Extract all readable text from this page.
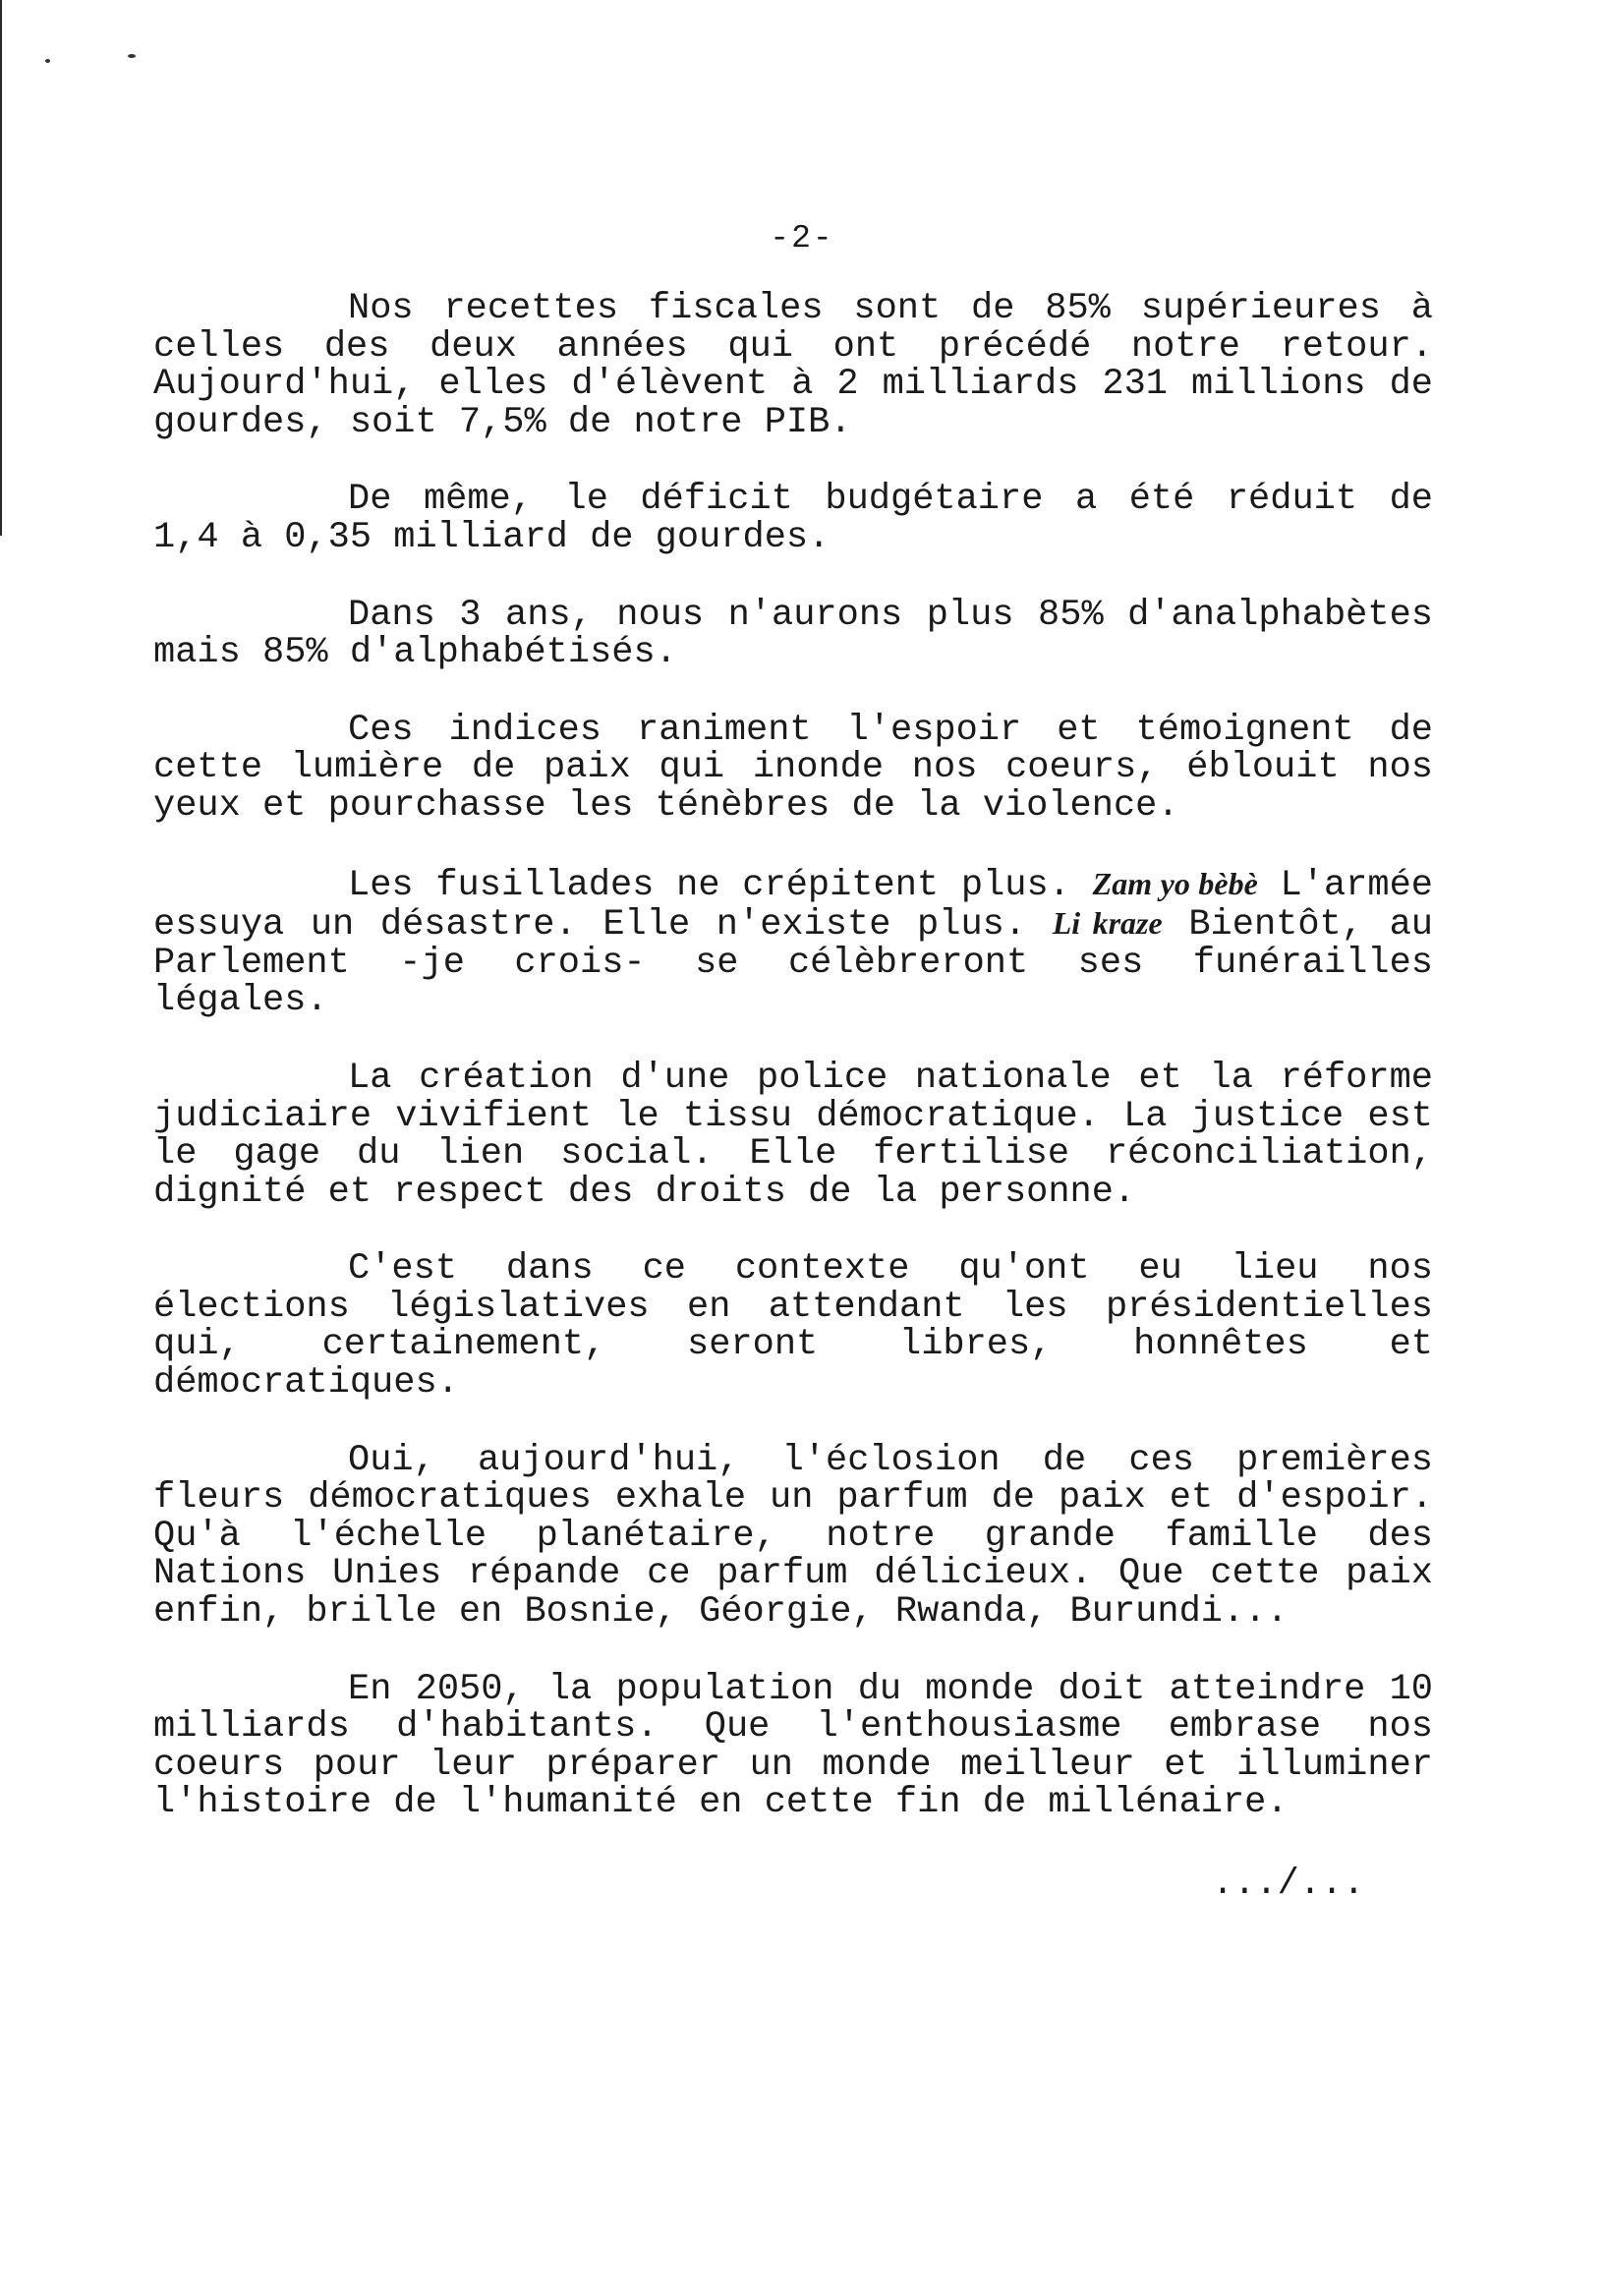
-2-

Nos recettes fiscales sont de 85% supérieures à celles des deux années qui ont précédé notre retour. Aujourd'hui, elles d'élèvent à 2 milliards 231 millions de gourdes, soit 7,5% de notre PIB.

De même, le déficit budgétaire a été réduit de 1,4 à 0,35 milliard de gourdes.

Dans 3 ans, nous n'aurons plus 85% d'analphabètes mais 85% d'alphabétisés.

Ces indices raniment l'espoir et témoignent de cette lumière de paix qui inonde nos coeurs, éblouit nos yeux et pourchasse les ténèbres de la violence.

Les fusillades ne crépitent plus. Zam yo bèbè L'armée essuya un désastre. Elle n'existe plus. Li kraze Bientôt, au Parlement -je crois- se célèbreront ses funérailles légales.

La création d'une police nationale et la réforme judiciaire vivifient le tissu démocratique. La justice est le gage du lien social. Elle fertilise réconciliation, dignité et respect des droits de la personne.

C'est dans ce contexte qu'ont eu lieu nos élections législatives en attendant les présidentielles qui, certainement, seront libres, honnêtes et démocratiques.

Oui, aujourd'hui, l'éclosion de ces premières fleurs démocratiques exhale un parfum de paix et d'espoir. Qu'à l'échelle planétaire, notre grande famille des Nations Unies répande ce parfum délicieux. Que cette paix enfin, brille en Bosnie, Géorgie, Rwanda, Burundi...

En 2050, la population du monde doit atteindre 10 milliards d'habitants. Que l'enthousiasme embrase nos coeurs pour leur préparer un monde meilleur et illuminer l'histoire de l'humanité en cette fin de millénaire.

.../...
